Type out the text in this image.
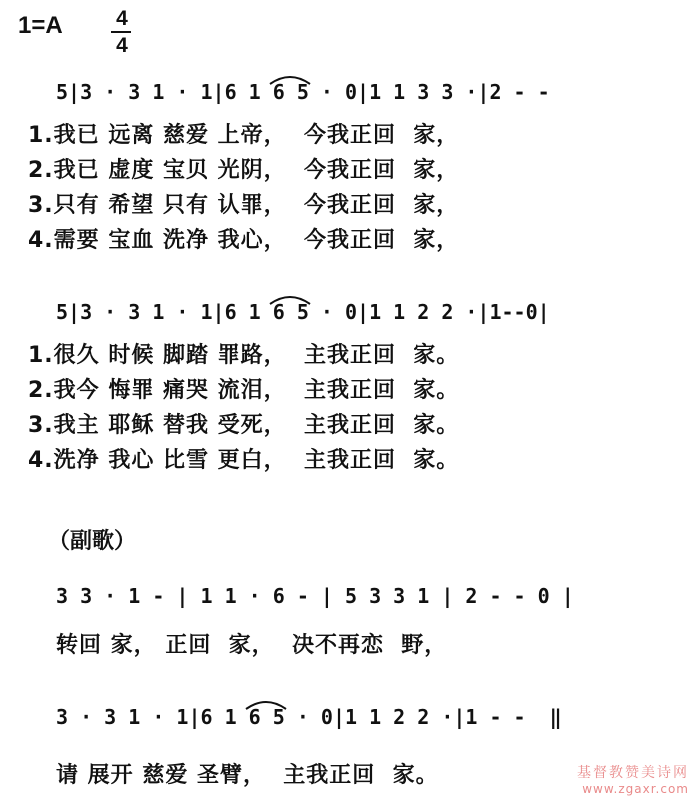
1=A	4
4
5|3 · 3 1 · 1|6 1 6 5 · 0|1 1 3 3 ·|2 - -
1.我已 远离 慈爱 上帝，  今我正回  家，
2.我已 虚度 宝贝 光阴，  今我正回  家，
3.只有 希望 只有 认罪，  今我正回  家，
4.需要 宝血 洗净 我心，  今我正回  家，
5|3 · 3 1 · 1|6 1 6 5 · 0|1 1 2 2 ·|1--0|
1.很久 时候 脚踏 罪路，  主我正回  家。
2.我今 悔罪 痛哭 流泪，  主我正回  家。
3.我主 耶稣 替我 受死，  主我正回  家。
4.洗净 我心 比雪 更白，  主我正回  家。
（副歌）
3 3 · 1 - | 1 1 · 6 - | 5 3 3 1 | 2 - - 0 |
转回 家， 正回  家，  决不再恋  野，
3 · 3 1 · 1|6 1 6 5 · 0|1 1 2 2 ·|1 - -  ‖
请 展开 慈爱 圣臂，  主我正回  家。	基督教赞美诗网
www.zgaxr.com
